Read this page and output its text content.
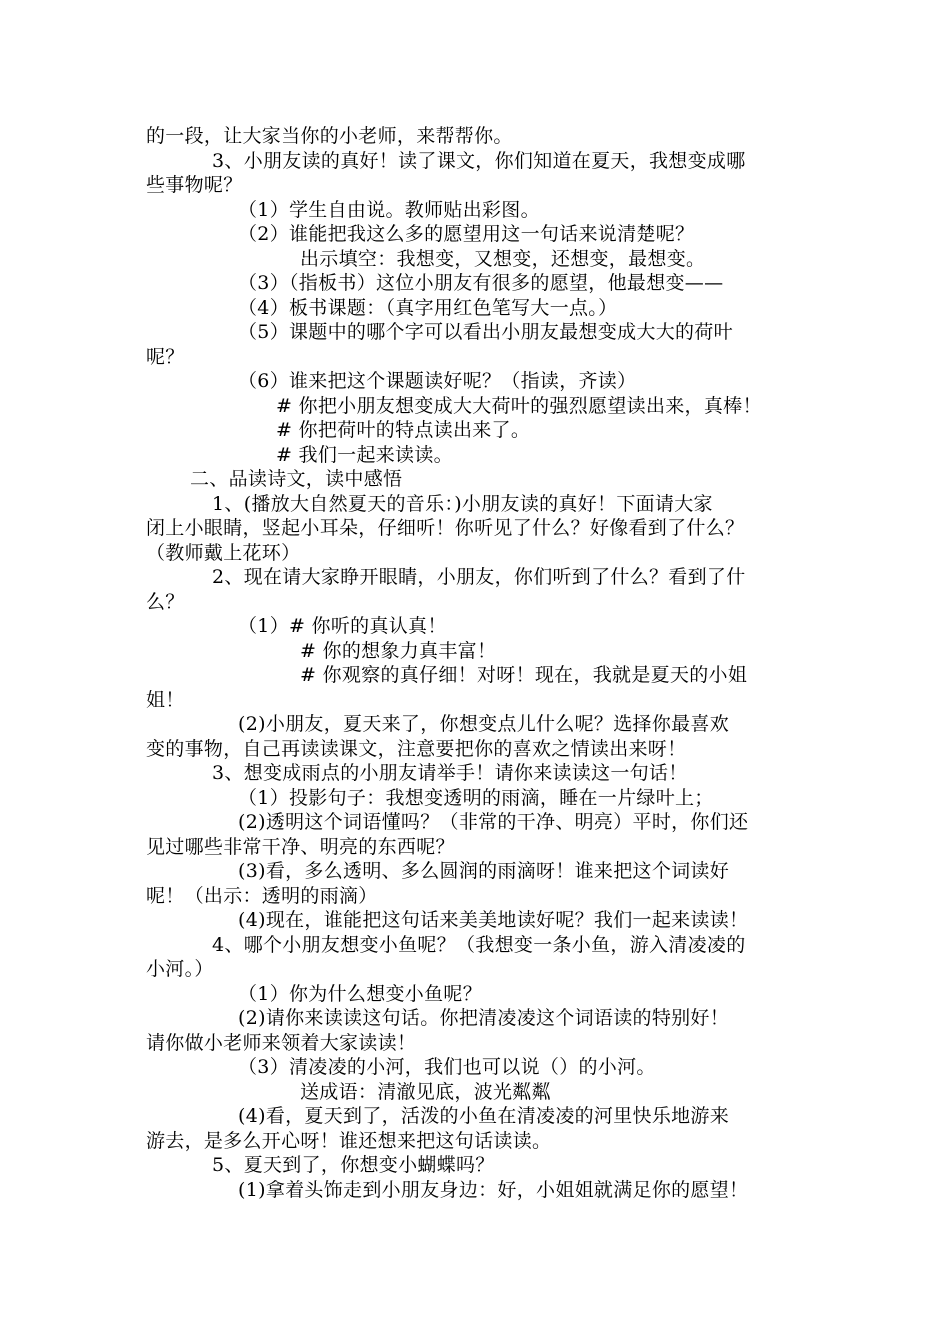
的一段，让大家当你的小老师，来帮帮你。
3、小朋友读的真好！读了课文，你们知道在夏天，我想变成哪
些事物呢？
（1）学生自由说。教师贴出彩图。
（2）谁能把我这么多的愿望用这一句话来说清楚呢？
出示填空：我想变，又想变，还想变，最想变。
（3）（指板书）这位小朋友有很多的愿望，他最想变——
（4）板书课题：（真字用红色笔写大一点。）
（5）课题中的哪个字可以看出小朋友最想变成大大的荷叶
呢？
（6）谁来把这个课题读好呢？（指读，齐读）
# 你把小朋友想变成大大荷叶的强烈愿望读出来，真棒！
# 你把荷叶的特点读出来了。
# 我们一起来读读。
二、品读诗文，读中感悟
1、(播放大自然夏天的音乐：)小朋友读的真好！下面请大家
闭上小眼睛，竖起小耳朵，仔细听！你听见了什么？好像看到了什么？
（教师戴上花环）
2、现在请大家睁开眼睛，小朋友，你们听到了什么？看到了什
么？
（1）# 你听的真认真！
# 你的想象力真丰富！
# 你观察的真仔细！对呀！现在，我就是夏天的小姐
姐！
(2)小朋友，夏天来了，你想变点儿什么呢？选择你最喜欢
变的事物，自己再读读课文，注意要把你的喜欢之情读出来呀！
3、想变成雨点的小朋友请举手！请你来读读这一句话！
（1）投影句子：我想变透明的雨滴，睡在一片绿叶上；
(2)透明这个词语懂吗？（非常的干净、明亮）平时，你们还
见过哪些非常干净、明亮的东西呢？
(3)看，多么透明、多么圆润的雨滴呀！谁来把这个词读好
呢！（出示：透明的雨滴）
(4)现在，谁能把这句话来美美地读好呢？我们一起来读读！
4、哪个小朋友想变小鱼呢？（我想变一条小鱼，游入清凌凌的
小河。）
（1）你为什么想变小鱼呢？
(2)请你来读读这句话。你把清凌凌这个词语读的特别好！
请你做小老师来领着大家读读！
（3）清凌凌的小河，我们也可以说（）的小河。
送成语：清澈见底，波光粼粼
(4)看，夏天到了，活泼的小鱼在清凌凌的河里快乐地游来
游去，是多么开心呀！谁还想来把这句话读读。
5、夏天到了，你想变小蝴蝶吗？
(1)拿着头饰走到小朋友身边：好，小姐姐就满足你的愿望！
